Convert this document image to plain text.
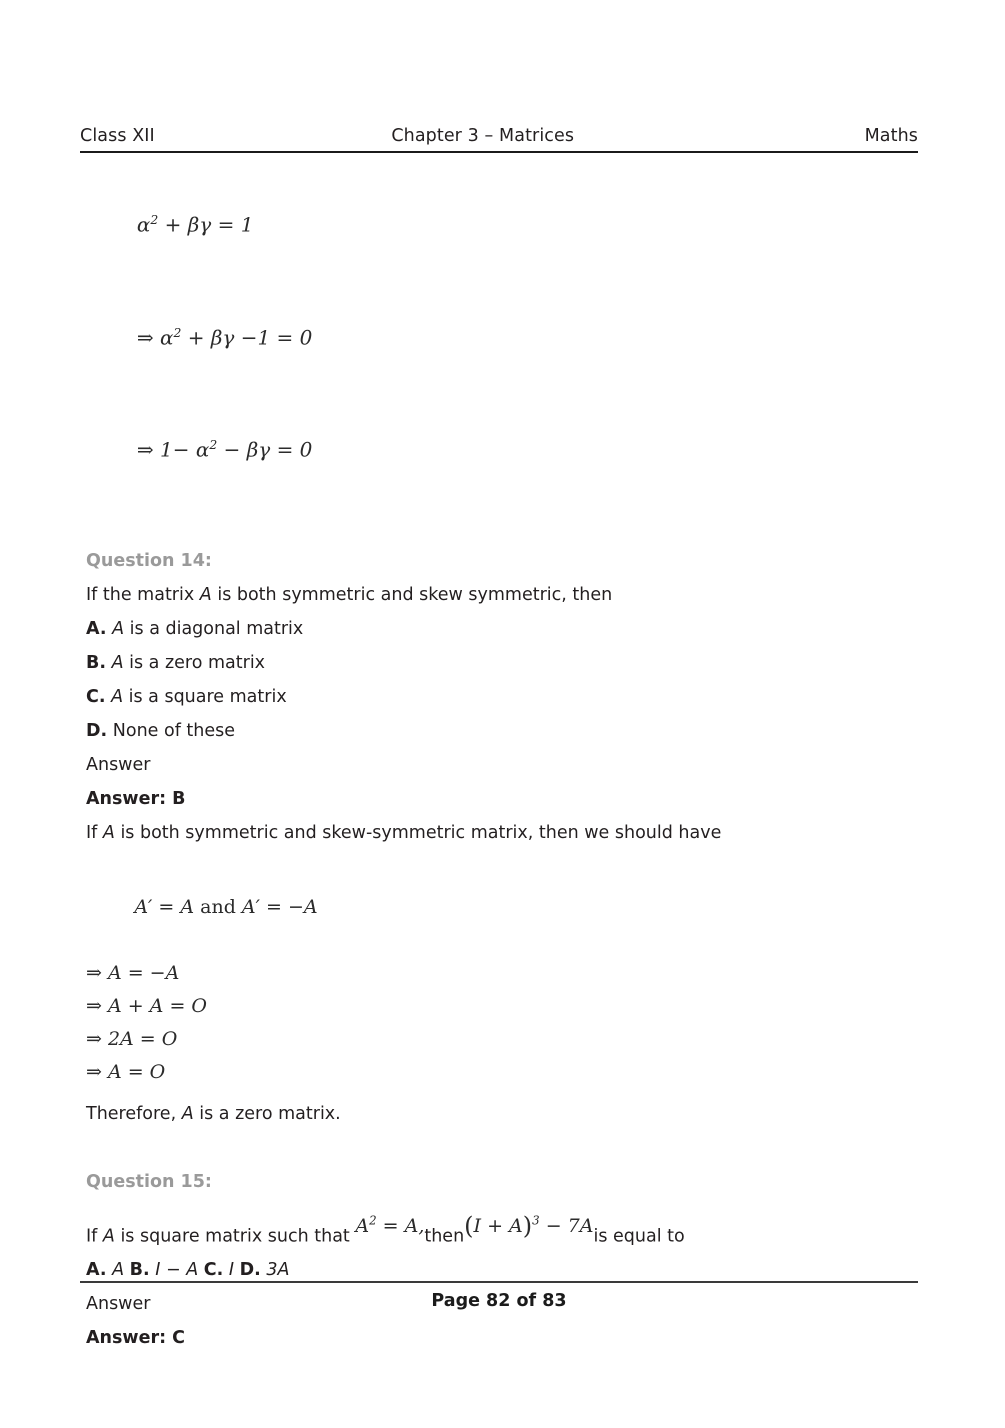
Class XII	Chapter 3 – Matrices	Maths

$\alpha^2 + \beta\gamma = 1$

⇒ $\alpha^2 + \beta\gamma -1 = 0$

⇒ $1- \alpha^2 - \beta\gamma = 0$

Question 14:
If the matrix A is both symmetric and skew symmetric, then
A. A is a diagonal matrix
B. A is a zero matrix
C. A is a square matrix
D. None of these
Answer
Answer: B
If A is both symmetric and skew-symmetric matrix, then we should have

A′ = A and A′ = −A

⇒ A = −A
⇒ A + A = O
⇒ 2A = O
⇒ A = O
Therefore, A is a zero matrix.
Question 15:
If A is square matrix such that $A^2$ = A,then(I + A)$^3$ − 7Ais equal to
A. A B. I − A C. I D. 3A
Answer
Answer: C
Page 82 of 83
